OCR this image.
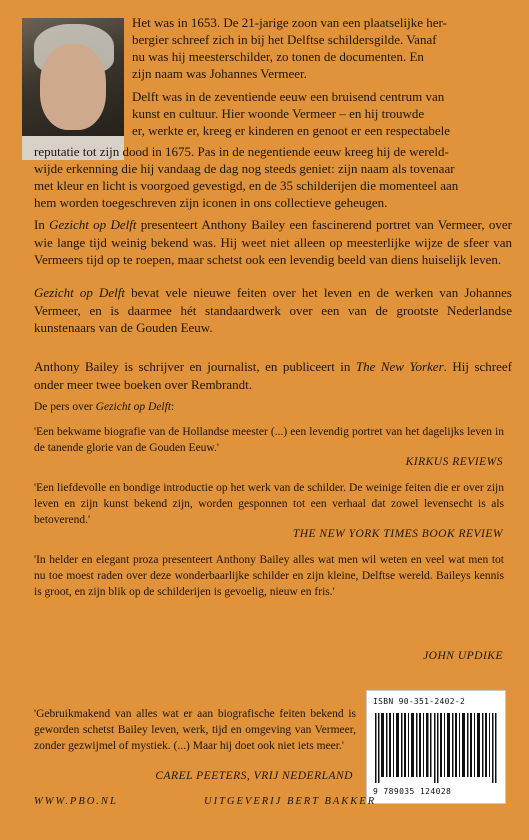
Het was in 1653. De 21-jarige zoon van een plaatselijke her-

bergier schreef zich in bij het Delftse schildersgilde. Vanaf

nu was hij meesterschilder, zo tonen de documenten. En

zijn naam was Johannes Vermeer.

Delft was in de zeventiende eeuw een bruisend centrum van

kunst en cultuur. Hier woonde Vermeer – en hij trouwde

er, werkte er, kreeg er kinderen en genoot er een respectabele

reputatie tot zijn dood in 1675. Pas in de negentiende eeuw kreeg hij de wereld-

wijde erkenning die hij vandaag de dag nog steeds geniet: zijn naam als tovenaar

met kleur en licht is voorgoed gevestigd, en de 35 schilderijen die momenteel aan

hem worden toegeschreven zijn iconen in ons collectieve geheugen.

In Gezicht op Delft presenteert Anthony Bailey een fascinerend portret van Vermeer, over wie lange tijd weinig bekend was. Hij weet niet alleen op meesterlijke wijze de sfeer van Vermeers tijd op te roepen, maar schetst ook een levendig beeld van diens huiselijk leven.

Gezicht op Delft bevat vele nieuwe feiten over het leven en de werken van Johannes Vermeer, en is daarmee hét standaardwerk over een van de grootste Nederlandse kunstenaars van de Gouden Eeuw.

Anthony Bailey is schrijver en journalist, en publiceert in The New Yorker. Hij schreef onder meer twee boeken over Rembrandt.

De pers over Gezicht op Delft:

'Een bekwame biografie van de Hollandse meester (...) een levendig portret van het dagelijks leven in de tanende glorie van de Gouden Eeuw.'

KIRKUS REVIEWS

'Een liefdevolle en bondige introductie op het werk van de schilder. De weinige feiten die er over zijn leven en zijn kunst bekend zijn, worden gesponnen tot een verhaal dat zowel levensecht is als betoverend.'

THE NEW YORK TIMES BOOK REVIEW

'In helder en elegant proza presenteert Anthony Bailey alles wat men wil weten en veel wat men tot nu toe moest raden over deze wonderbaarlijke schilder en zijn kleine, Delftse wereld. Baileys kennis is groot, en zijn blik op de schilderijen is gevoelig, nieuw en fris.'

JOHN UPDIKE

'Gebruikmakend van alles wat er aan biografische feiten bekend is geworden schetst Bailey leven, werk, tijd en omgeving van Vermeer, zonder gezwijmel of mystiek. (...) Maar hij doet ook niet iets meer.'

CAREL PEETERS, VRIJ NEDERLAND
ISBN 90-351-2402-2
9 789035 124028
WWW.PBO.NL	UITGEVERIJ BERT BAKKER
